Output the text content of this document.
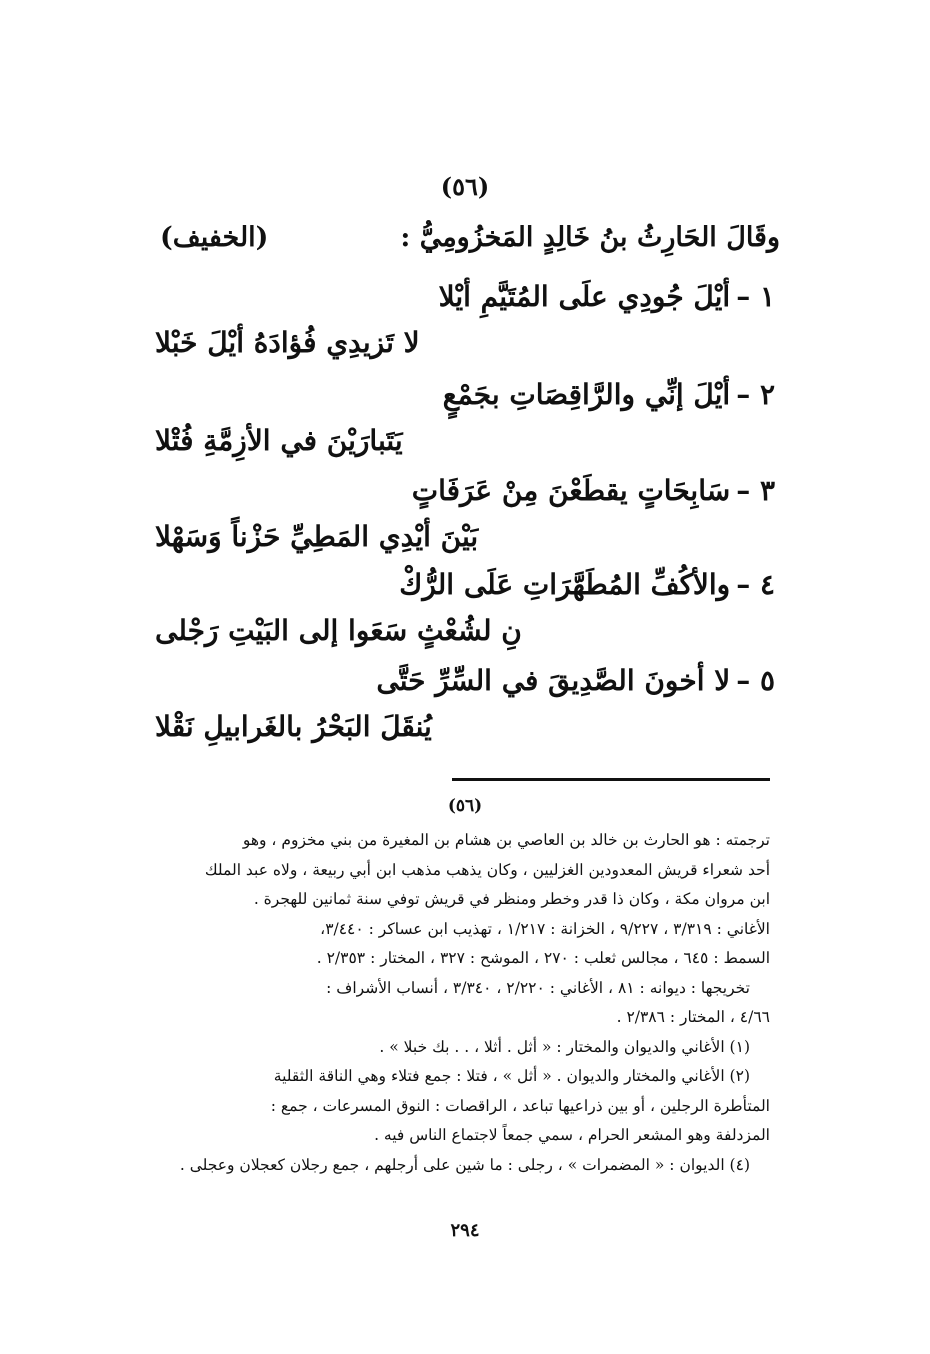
(٥٦)
وقَالَ الحَارِثُ بنُ خَالِدٍ المَخزُومِيُّ :
(الخفيف)
١ –أيْلَ جُودِي علَى المُتَيَّمِ أيْلا
لا تَزيدِي فُؤادَهُ أيْلَ خَبْلا
٢ –أيْلَ إنِّي والرَّاقِصَاتِ بجَمْعٍ
يَتَبارَيْنَ في الأزِمَّةِ فُتْلا
٣ –سَابِحَاتٍ يقطَعْنَ مِنْ عَرَفَاتٍ
بَيْنَ أيْدِي المَطِيِّ حَزْناً وَسَهْلا
٤ –والأكُفِّ المُطَهَّرَاتِ عَلَى الرُّكْ
نِ لشُعْثٍ سَعَوا إلى البَيْتِ رَجْلى
٥ –لا أخونَ الصَّدِيقَ في السِّرِّ حَتَّى
يُنقَلَ البَحْرُ بالغَرابيلِ نَقْلا
(٥٦)
ترجمته : هو الحارث بن خالد بن العاصي بن هشام بن المغيرة من بني مخزوم ، وهو
أحد شعراء قريش المعدودين الغزليين ، وكان يذهب مذهب ابن أبي ربيعة ، ولاه عبد الملك
ابن مروان مكة ، وكان ذا قدر وخطر ومنظر في قريش توفي سنة ثمانين للهجرة .
الأغاني : ٣/٣١٩ ، ٩/٢٢٧ ، الخزانة : ١/٢١٧ ، تهذيب ابن عساكر : ٣/٤٤٠،
السمط : ٦٤٥ ، مجالس ثعلب : ٢٧٠ ، الموشح : ٣٢٧ ، المختار : ٢/٣٥٣ .
تخريجها : ديوانه : ٨١ ، الأغاني : ٢/٢٢٠ ، ٣/٣٤٠ ، أنساب الأشراف :
٤/٦٦ ، المختار : ٢/٣٨٦ .
(١) الأغاني والديوان والمختار : « أثل . أثلا ، . . بك خبلا » .
(٢) الأغاني والمختار والديوان . « أثل » ، فتلا : جمع فتلاء وهي الناقة الثقلية
المتأطرة الرجلين ، أو بين ذراعيها تباعد ، الراقصات : النوق المسرعات ، جمع :
المزدلفة وهو المشعر الحرام ، سمي جمعاً لاجتماع الناس فيه .
(٤) الديوان : « المضمرات » ، رجلى : ما شين على أرجلهم ، جمع رجلان كعجلان وعجلى .
٢٩٤
